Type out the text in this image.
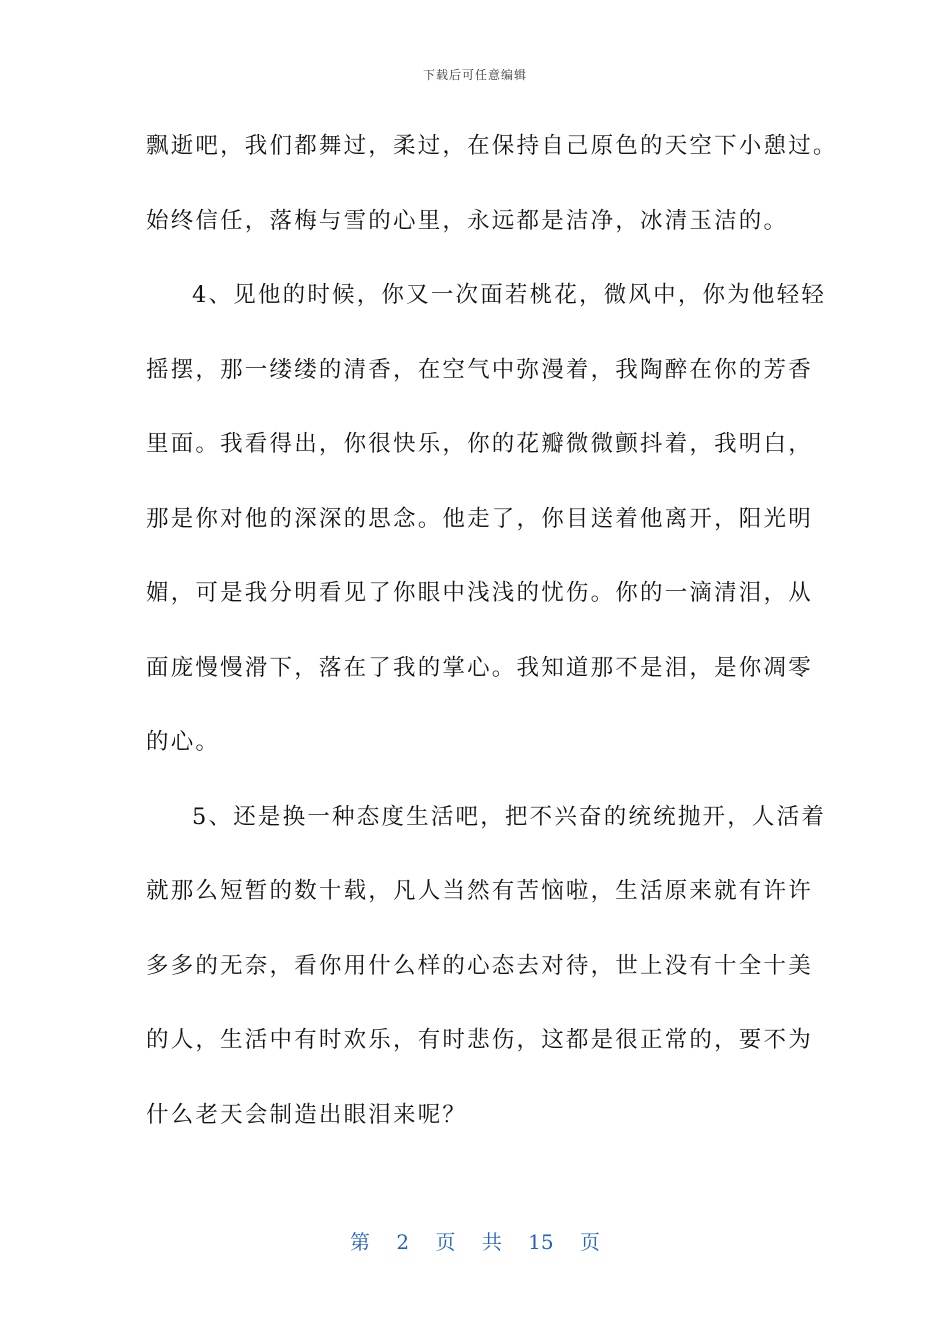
下载后可任意编辑
飘逝吧，我们都舞过，柔过，在保持自己原色的天空下小憩过。
始终信任，落梅与雪的心里，永远都是洁净，冰清玉洁的。
4、见他的时候，你又一次面若桃花，微风中，你为他轻轻
摇摆，那一缕缕的清香，在空气中弥漫着，我陶醉在你的芳香
里面。我看得出，你很快乐，你的花瓣微微颤抖着，我明白，
那是你对他的深深的思念。他走了，你目送着他离开，阳光明
媚，可是我分明看见了你眼中浅浅的忧伤。你的一滴清泪，从
面庞慢慢滑下，落在了我的掌心。我知道那不是泪，是你凋零
的心。
5、还是换一种态度生活吧，把不兴奋的统统抛开，人活着
就那么短暂的数十载，凡人当然有苦恼啦，生活原来就有许许
多多的无奈，看你用什么样的心态去对待，世上没有十全十美
的人，生活中有时欢乐，有时悲伤，这都是很正常的，要不为
什么老天会制造出眼泪来呢？
第 2 页 共 15 页
